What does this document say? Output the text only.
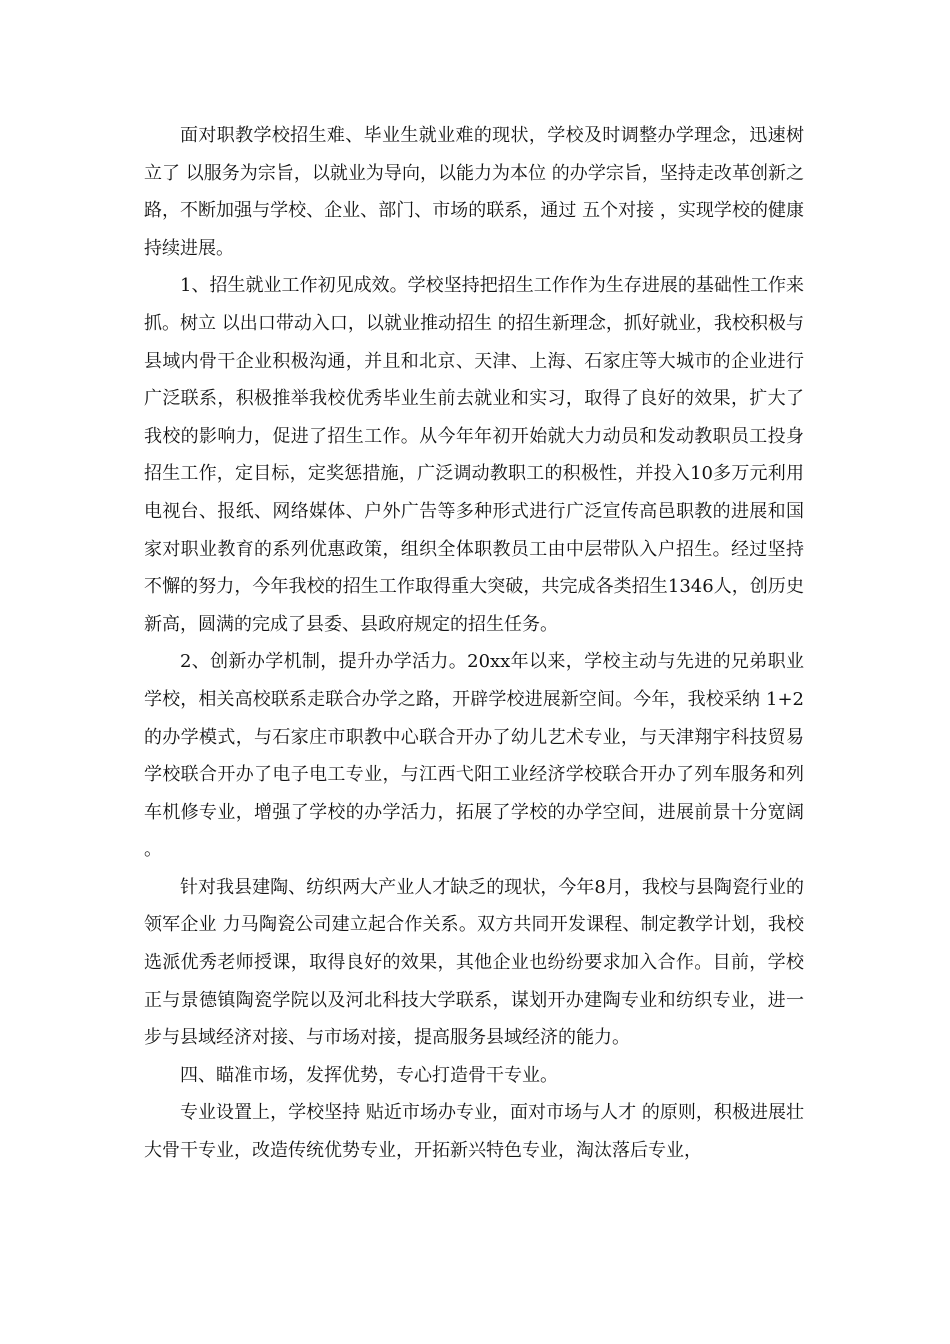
面对职教学校招生难、毕业生就业难的现状，学校及时调整办学理念，迅速树立了 以服务为宗旨，以就业为导向，以能力为本位 的办学宗旨，坚持走改革创新之路，不断加强与学校、企业、部门、市场的联系，通过 五个对接 ，实现学校的健康持续进展。

1、招生就业工作初见成效。学校坚持把招生工作作为生存进展的基础性工作来抓。树立 以出口带动入口，以就业推动招生 的招生新理念，抓好就业，我校积极与县域内骨干企业积极沟通，并且和北京、天津、上海、石家庄等大城市的企业进行广泛联系，积极推举我校优秀毕业生前去就业和实习，取得了良好的效果，扩大了我校的影响力，促进了招生工作。从今年年初开始就大力动员和发动教职员工投身招生工作，定目标，定奖惩措施，广泛调动教职工的积极性，并投入10多万元利用电视台、报纸、网络媒体、户外广告等多种形式进行广泛宣传高邑职教的进展和国家对职业教育的系列优惠政策，组织全体职教员工由中层带队入户招生。经过坚持不懈的努力，今年我校的招生工作取得重大突破，共完成各类招生1346人，创历史新高，圆满的完成了县委、县政府规定的招生任务。

2、创新办学机制，提升办学活力。20xx年以来，学校主动与先进的兄弟职业学校，相关高校联系走联合办学之路，开辟学校进展新空间。今年，我校采纳 1+2 的办学模式，与石家庄市职教中心联合开办了幼儿艺术专业，与天津翔宇科技贸易学校联合开办了电子电工专业，与江西弋阳工业经济学校联合开办了列车服务和列车机修专业，增强了学校的办学活力，拓展了学校的办学空间，进展前景十分宽阔。

针对我县建陶、纺织两大产业人才缺乏的现状，今年8月，我校与县陶瓷行业的领军企业 力马陶瓷公司建立起合作关系。双方共同开发课程、制定教学计划，我校选派优秀老师授课，取得良好的效果，其他企业也纷纷要求加入合作。目前，学校正与景德镇陶瓷学院以及河北科技大学联系，谋划开办建陶专业和纺织专业，进一步与县域经济对接、与市场对接，提高服务县域经济的能力。

四、瞄准市场，发挥优势，专心打造骨干专业。

专业设置上，学校坚持 贴近市场办专业，面对市场与人才 的原则，积极进展壮大骨干专业，改造传统优势专业，开拓新兴特色专业，淘汰落后专业，
